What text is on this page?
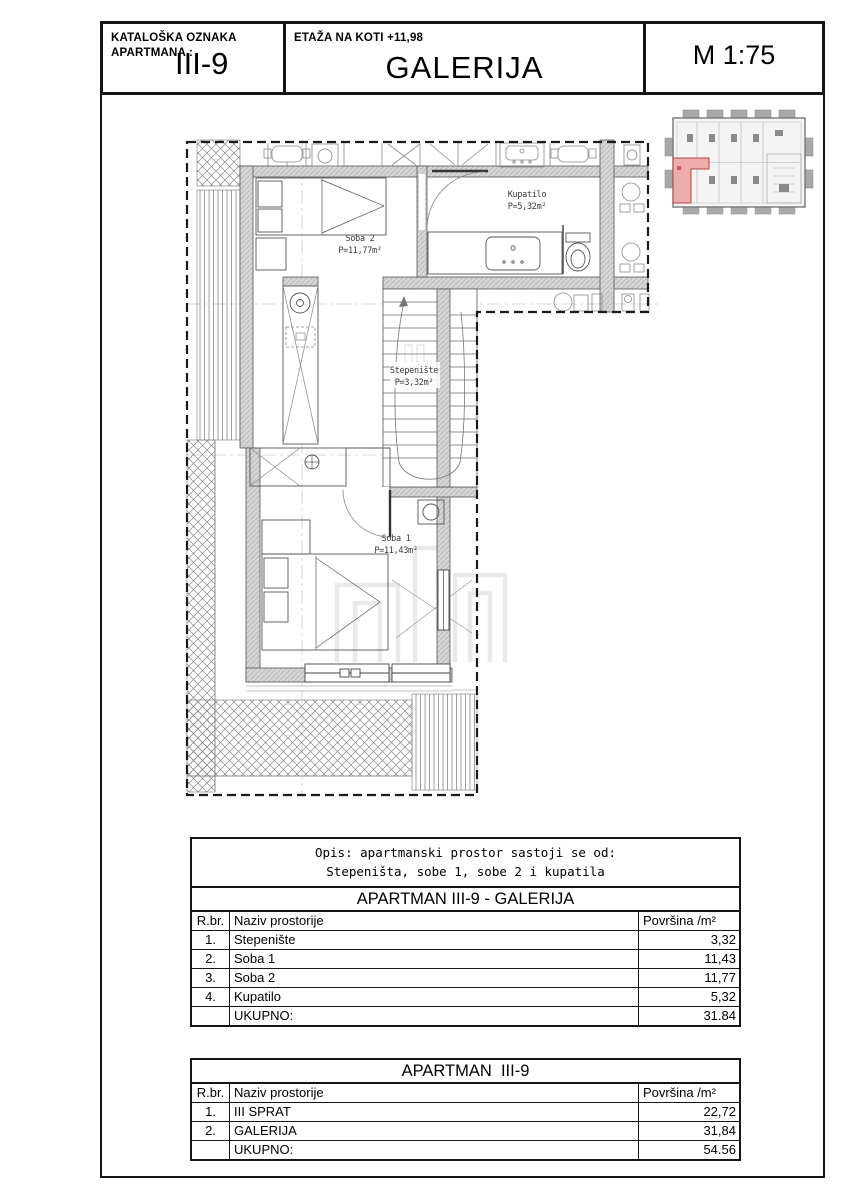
KATALOŠKA OZNAKA
APARTMANA :
III-9
ETAŽA NA KOTI +11,98
GALERIJA	M 1:75
Soba 2
P=11,77m²
Kupatilo
P=5,32m²
Stepenište
P=3,32m²
Soba 1
P=11,43m²
Opis: apartmanski prostor sastoji se od:
Stepeništa, sobe 1, sobe 2 i kupatila
APARTMAN III-9 - GALERIJA
R.br. Naziv prostorije	Površina /m²
1.	Stepenište	3,32
2.	Soba 1	11,43
3.	Soba 2	11,77
4.	Kupatilo	5,32
UKUPNO:	31.84
APARTMAN  III-9
R.br. Naziv prostorije	Površina /m²
1.	III SPRAT	22,72
2.	GALERIJA	31,84
UKUPNO:	54.56
